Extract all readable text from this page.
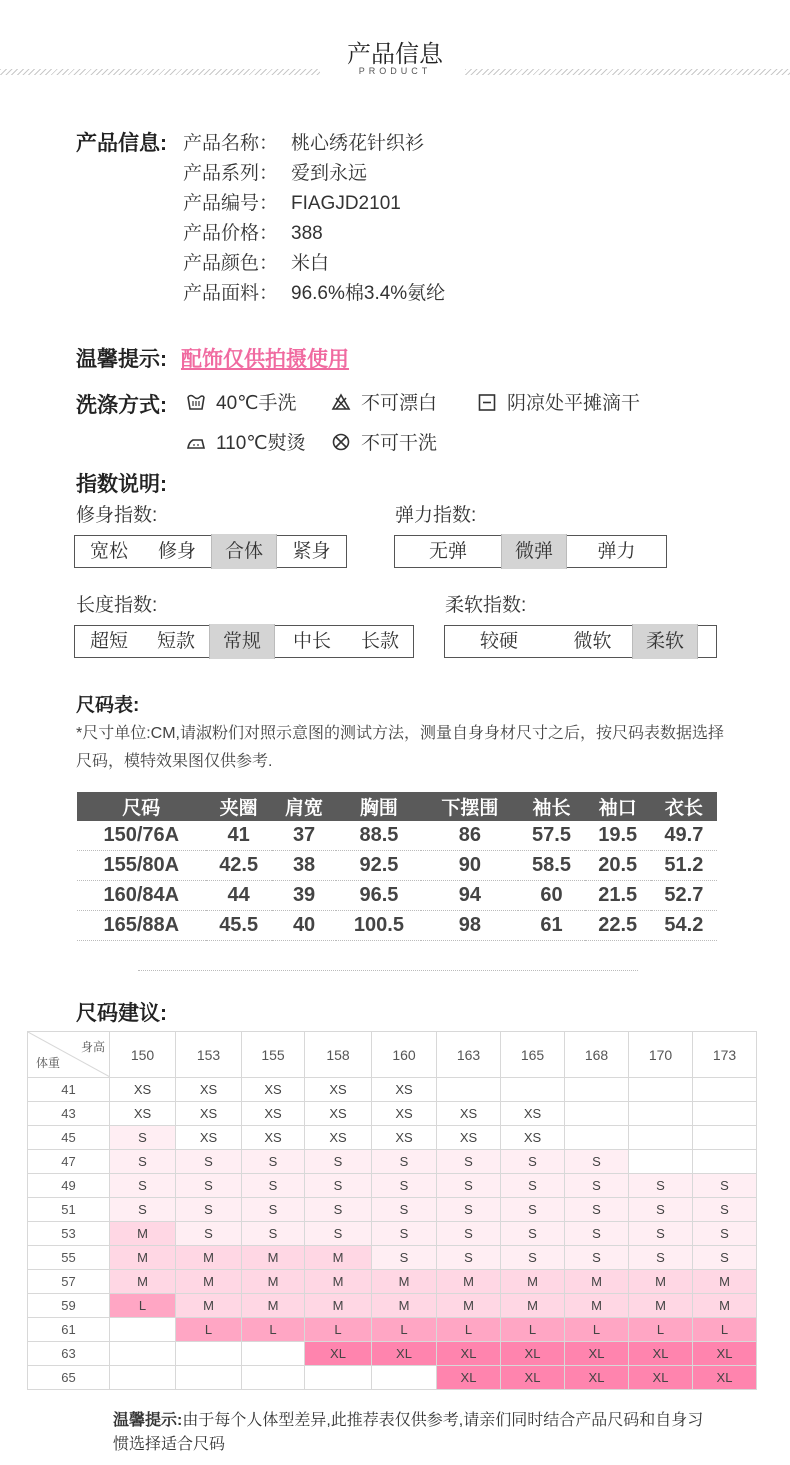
产品信息
PRODUCT
产品信息: 产品名称： 桃心绣花针织衫
产品系列： 爱到永远
产品编号： FIAGJD2101
产品价格： 388
产品颜色： 米白
产品面料： 96.6%棉3.4%氨纶
温馨提示: 配饰仅供拍摄使用
洗涤方式:	40℃手洗	不可漂白	阴凉处平摊滴干
110℃熨烫	不可干洗
指数说明:
修身指数:
宽松	修身	合体	紧身
弹力指数:
无弹	微弹	弹力
长度指数:
超短	短款	常规	中长	长款
柔软指数:
较硬	微软	柔软
尺码表:
*尺寸单位:CM,请淑粉们对照示意图的测试方法，测量自身身材尺寸之后，按尺码表数据选择尺码，模特效果图仅供参考.
尺码	夹圈	肩宽	胸围	下摆围	袖长	袖口	衣长
150/76A	41	37	88.5	86	57.5	19.5	49.7
155/80A	42.5	38	92.5	90	58.5	20.5	51.2
160/84A	44	39	96.5	94	60	21.5	52.7
165/88A	45.5	40	100.5	98	61	22.5	54.2
尺码建议:
身高
体重	150	153	155	158	160	163	165	168	170	173
41	XS	XS	XS	XS	XS					
43	XS	XS	XS	XS	XS	XS	XS			
45	S	XS	XS	XS	XS	XS	XS			
47	S	S	S	S	S	S	S	S		
49	S	S	S	S	S	S	S	S	S	S
51	S	S	S	S	S	S	S	S	S	S
53	M	S	S	S	S	S	S	S	S	S
55	M	M	M	M	S	S	S	S	S	S
57	M	M	M	M	M	M	M	M	M	M
59	L	M	M	M	M	M	M	M	M	M
61		L	L	L	L	L	L	L	L	L
63				XL	XL	XL	XL	XL	XL	XL
65						XL	XL	XL	XL	XL
温馨提示:由于每个人体型差异,此推荐表仅供参考,请亲们同时结合产品尺码和自身习惯选择适合尺码
